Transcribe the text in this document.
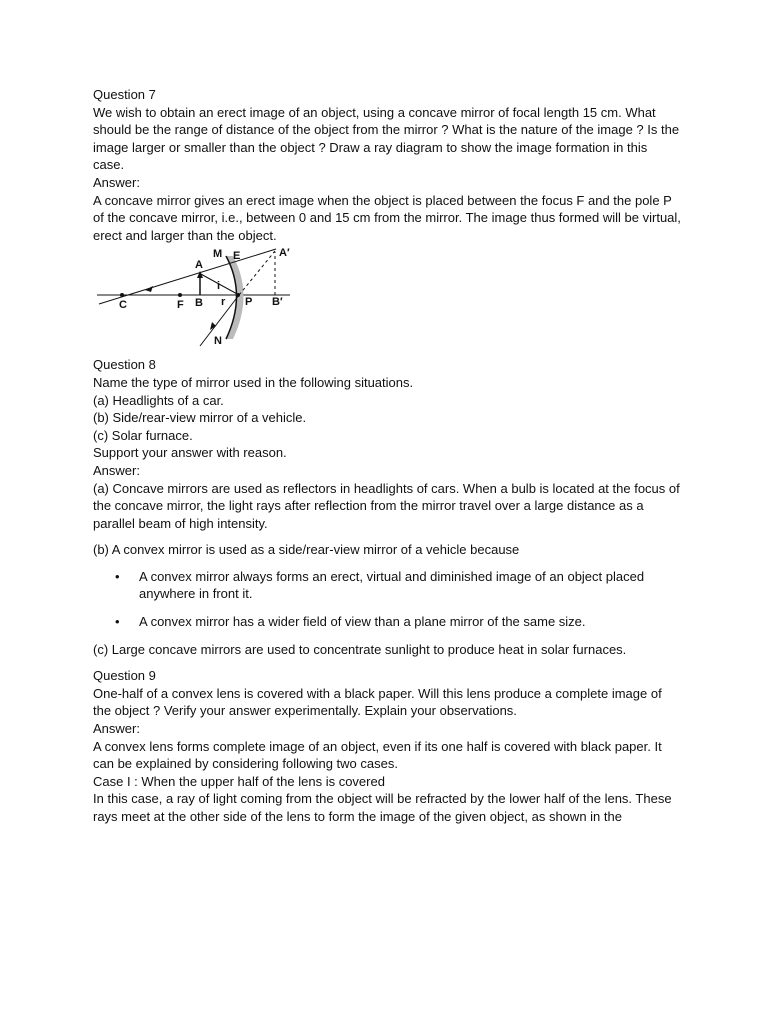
Question 7

We wish to obtain an erect image of an object, using a concave mirror of focal length 15 cm. What should be the range of distance of the object from the mirror ? What is the nature of the image ? Is the image larger or smaller than the object ? Draw a ray diagram to show the image formation in this case.

Answer:

A concave mirror gives an erect image when the object is placed between the focus F and the pole P of the concave mirror, i.e., between 0 and 15 cm from the mirror. The image thus formed will be virtual, erect and larger than the object.

M E	A′
A
C	F B
i
r P B′
N

Question 8

Name the type of mirror used in the following situations.

(a) Headlights of a car.

(b) Side/rear-view mirror of a vehicle.

(c) Solar furnace.

Support your answer with reason.

Answer:

(a) Concave mirrors are used as reflectors in headlights of cars. When a bulb is located at the focus of the concave mirror, the light rays after reflection from the mirror travel over a large distance as a parallel beam of high intensity.

(b) A convex mirror is used as a side/rear-view mirror of a vehicle because

• A convex mirror always forms an erect, virtual and diminished image of an object placed anywhere in front it.
• A convex mirror has a wider field of view than a plane mirror of the same size.

(c) Large concave mirrors are used to concentrate sunlight to produce heat in solar furnaces.

Question 9

One-half of a convex lens is covered with a black paper. Will this lens produce a complete image of the object ? Verify your answer experimentally. Explain your observations.

Answer:

A convex lens forms complete image of an object, even if its one half is covered with black paper. It can be explained by considering following two cases.

Case I : When the upper half of the lens is covered

In this case, a ray of light coming from the object will be refracted by the lower half of the lens. These rays meet at the other side of the lens to form the image of the given object, as shown in the
